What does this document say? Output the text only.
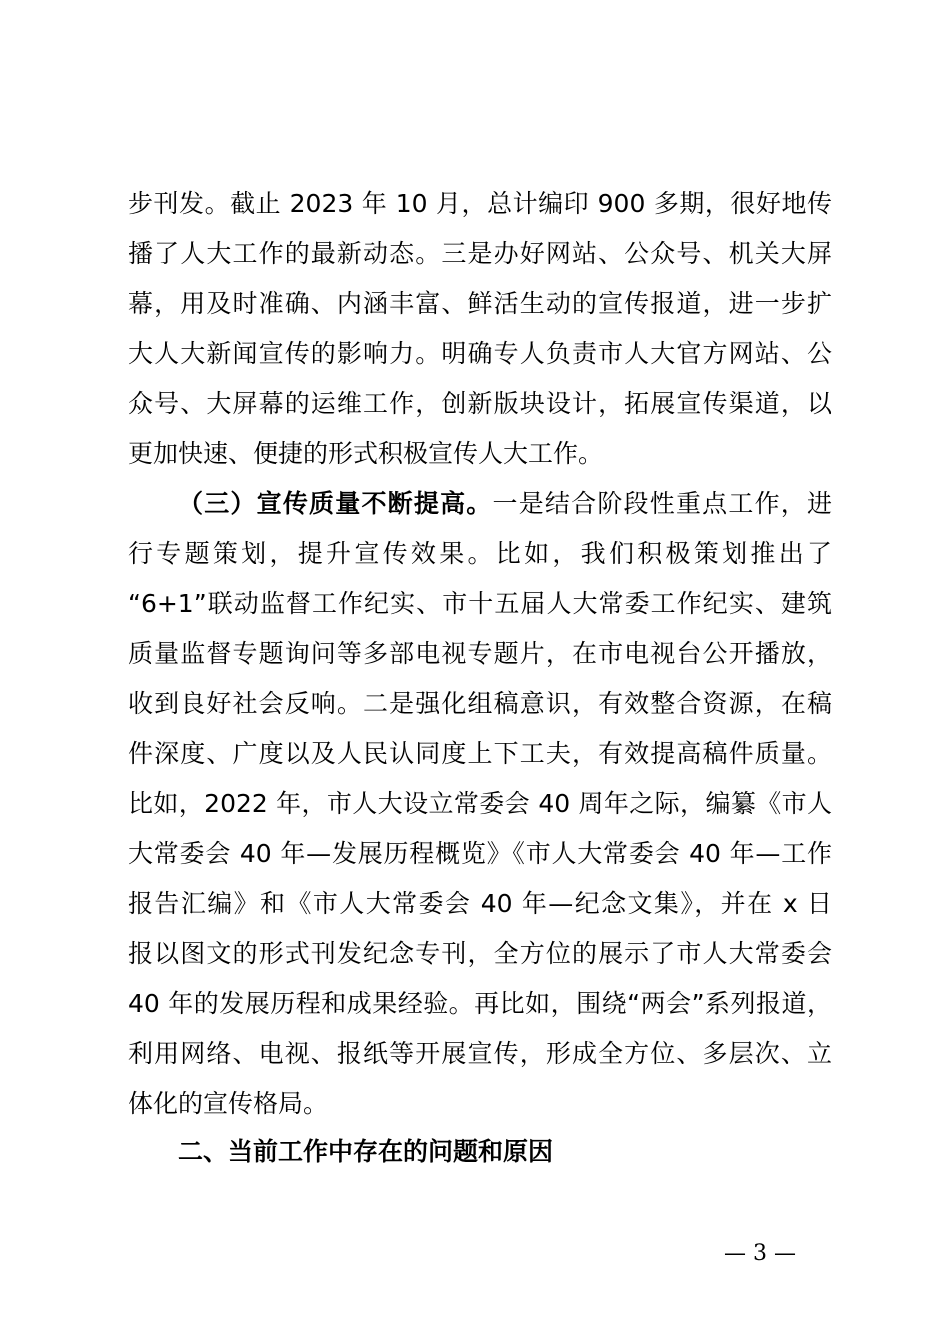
步刊发。截止 2023 年 10 月，总计编印 900 多期，很好地传
播了人大工作的最新动态。三是办好网站、公众号、机关大屏
幕，用及时准确、内涵丰富、鲜活生动的宣传报道，进一步扩
大人大新闻宣传的影响力。明确专人负责市人大官方网站、公
众号、大屏幕的运维工作，创新版块设计，拓展宣传渠道，以
更加快速、便捷的形式积极宣传人大工作。
（三）宣传质量不断提高。一是结合阶段性重点工作，进
行专题策划，提升宣传效果。比如，我们积极策划推出了
“6+1”联动监督工作纪实、市十五届人大常委工作纪实、建筑
质量监督专题询问等多部电视专题片，在市电视台公开播放，
收到良好社会反响。二是强化组稿意识，有效整合资源，在稿
件深度、广度以及人民认同度上下工夫，有效提高稿件质量。
比如，2022 年，市人大设立常委会 40 周年之际，编纂《市人
大常委会 40 年—发展历程概览》《市人大常委会 40 年—工作
报告汇编》和《市人大常委会 40 年—纪念文集》，并在 x 日
报以图文的形式刊发纪念专刊，全方位的展示了市人大常委会
40 年的发展历程和成果经验。再比如，围绕“两会”系列报道，
利用网络、电视、报纸等开展宣传，形成全方位、多层次、立
体化的宣传格局。
二、当前工作中存在的问题和原因
— 3 —
